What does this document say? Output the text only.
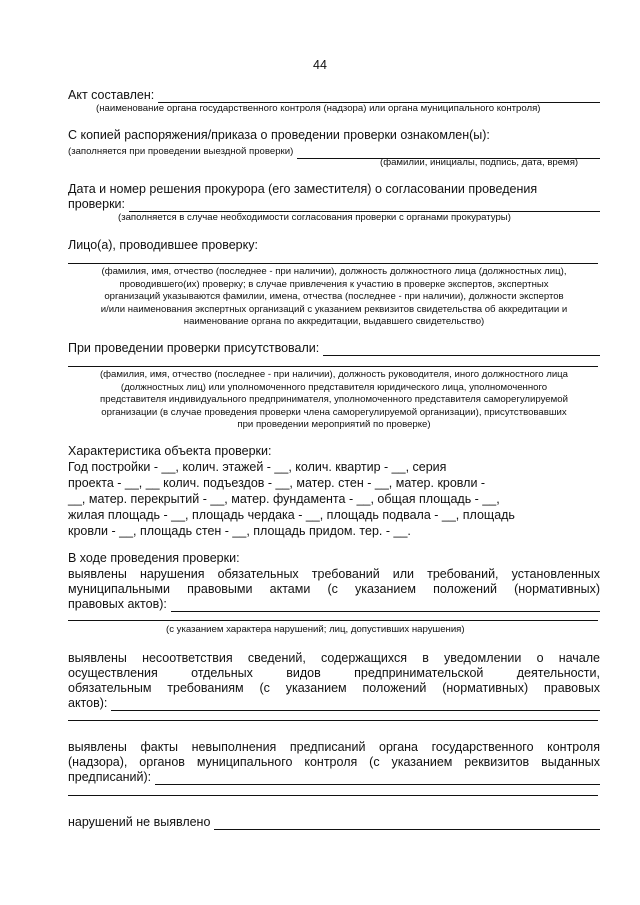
44
Акт составлен:
(наименование органа государственного контроля (надзора) или органа муниципального контроля)
С копией распоряжения/приказа о проведении проверки ознакомлен(ы):
(заполняется при проведении выездной проверки)
(фамилии, инициалы, подпись, дата, время)
Дата и номер решения прокурора (его заместителя) о согласовании проведения
проверки:
(заполняется в случае необходимости согласования проверки с органами прокуратуры)
Лицо(а), проводившее проверку:
(фамилия, имя, отчество (последнее - при наличии), должность должностного лица (должностных лиц),
проводившего(их) проверку; в случае привлечения к участию в проверке экспертов, экспертных
организаций указываются фамилии, имена, отчества (последнее - при наличии), должности экспертов
и/или наименования экспертных организаций с указанием реквизитов свидетельства об аккредитации и
наименование органа по аккредитации, выдавшего свидетельство)
При проведении проверки присутствовали:
(фамилия, имя, отчество (последнее - при наличии), должность руководителя, иного должностного лица
(должностных лиц) или уполномоченного представителя юридического лица, уполномоченного
представителя индивидуального предпринимателя, уполномоченного представителя саморегулируемой
организации (в случае проведения проверки члена саморегулируемой организации), присутствовавших
при проведении мероприятий по проверке)
Характеристика объекта проверки:
Год постройки - __, колич. этажей - __, колич. квартир - __, серия
проекта - __, __ колич. подъездов - __, матер. стен - __, матер. кровли -
__, матер. перекрытий - __, матер. фундамента - __, общая площадь - __,
жилая площадь - __, площадь чердака - __, площадь подвала - __, площадь
кровли - __, площадь стен - __, площадь придом. тер. - __.
В ходе проведения проверки:
выявлены нарушения обязательных требований или требований, установленных
муниципальными правовыми актами (с указанием положений (нормативных)
правовых актов):
(с указанием характера нарушений; лиц, допустивших нарушения)
выявлены несоответствия сведений, содержащихся в уведомлении о начале
осуществления отдельных видов предпринимательской деятельности,
обязательным требованиям (с указанием положений (нормативных) правовых
актов):
выявлены факты невыполнения предписаний органа государственного контроля
(надзора), органов муниципального контроля (с указанием реквизитов выданных
предписаний):
нарушений не выявлено
